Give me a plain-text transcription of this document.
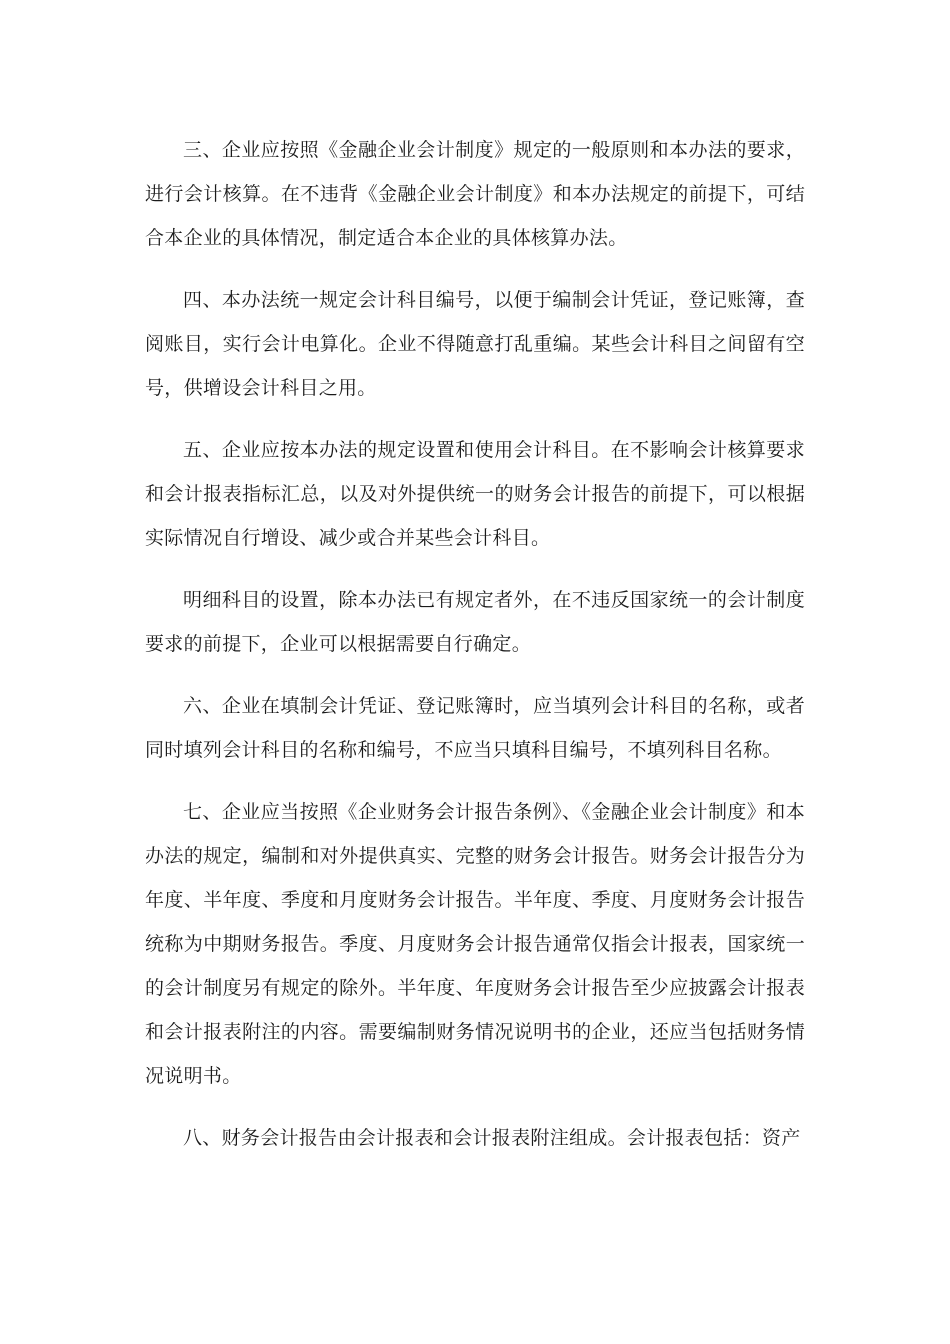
三、企业应按照《金融企业会计制度》规定的一般原则和本办法的要求，进行会计核算。在不违背《金融企业会计制度》和本办法规定的前提下，可结合本企业的具体情况，制定适合本企业的具体核算办法。

四、本办法统一规定会计科目编号，以便于编制会计凭证，登记账簿，查阅账目，实行会计电算化。企业不得随意打乱重编。某些会计科目之间留有空号，供增设会计科目之用。

五、企业应按本办法的规定设置和使用会计科目。在不影响会计核算要求和会计报表指标汇总，以及对外提供统一的财务会计报告的前提下，可以根据实际情况自行增设、减少或合并某些会计科目。

明细科目的设置，除本办法已有规定者外，在不违反国家统一的会计制度要求的前提下，企业可以根据需要自行确定。

六、企业在填制会计凭证、登记账簿时，应当填列会计科目的名称，或者同时填列会计科目的名称和编号，不应当只填科目编号，不填列科目名称。

七、企业应当按照《企业财务会计报告条例》、《金融企业会计制度》和本办法的规定，编制和对外提供真实、完整的财务会计报告。财务会计报告分为年度、半年度、季度和月度财务会计报告。半年度、季度、月度财务会计报告统称为中期财务报告。季度、月度财务会计报告通常仅指会计报表，国家统一的会计制度另有规定的除外。半年度、年度财务会计报告至少应披露会计报表和会计报表附注的内容。需要编制财务情况说明书的企业，还应当包括财务情况说明书。

八、财务会计报告由会计报表和会计报表附注组成。会计报表包括：资产
